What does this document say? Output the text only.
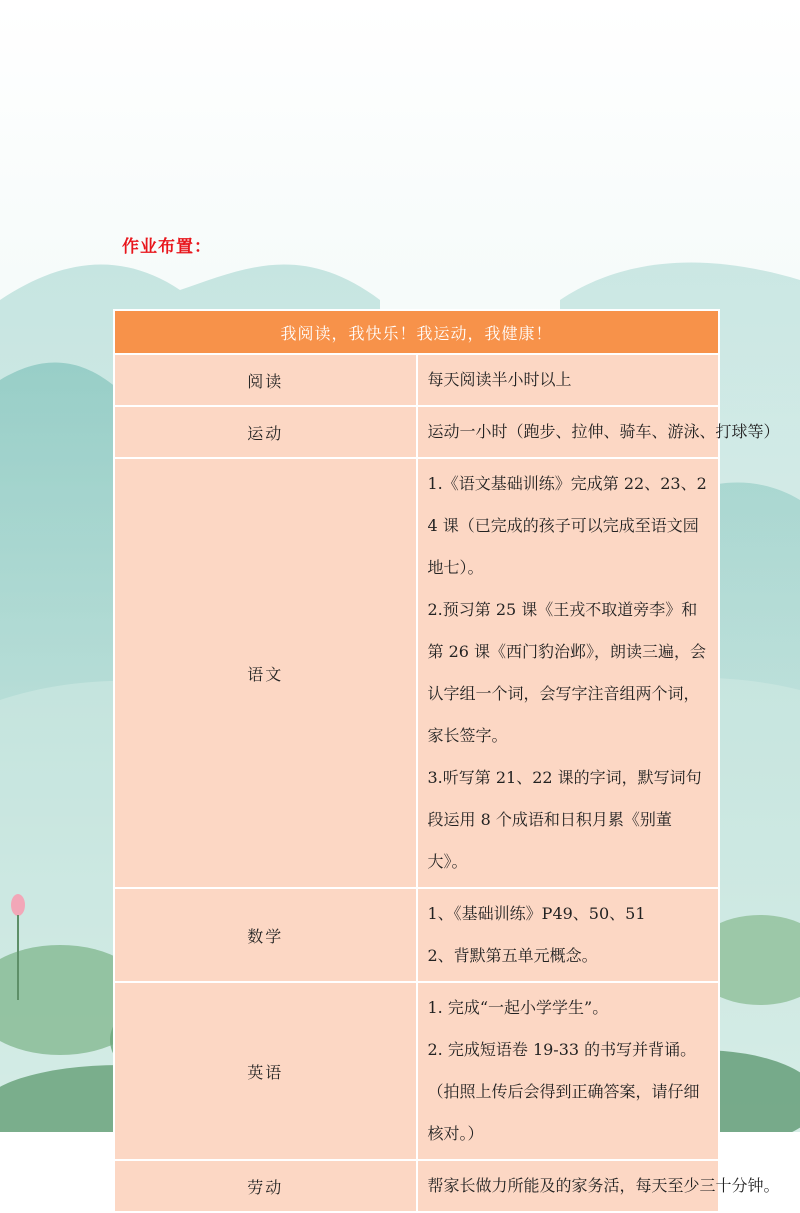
作业布置：
我阅读，我快乐！我运动，我健康！	
阅读	每天阅读半小时以上

运动	运动一小时（跑步、拉伸、骑车、游泳、打球等）

语文	1.《语文基础训练》完成第 22、23、24 课（已完成的孩子可以完成至语文园地七）。
2.预习第 25 课《王戎不取道旁李》和第 26 课《西门豹治邺》，朗读三遍，会认字组一个词，会写字注音组两个词，家长签字。
3.听写第 21、22 课的字词，默写词句段运用 8 个成语和日积月累《别董大》。

数学	1、《基础训练》P49、50、51
2、背默第五单元概念。

英语	1. 完成“一起小学学生”。
2. 完成短语卷 19-33 的书写并背诵。（拍照上传后会得到正确答案，请仔细核对。）

劳动	帮家长做力所能及的家务活，每天至少三十分钟。
